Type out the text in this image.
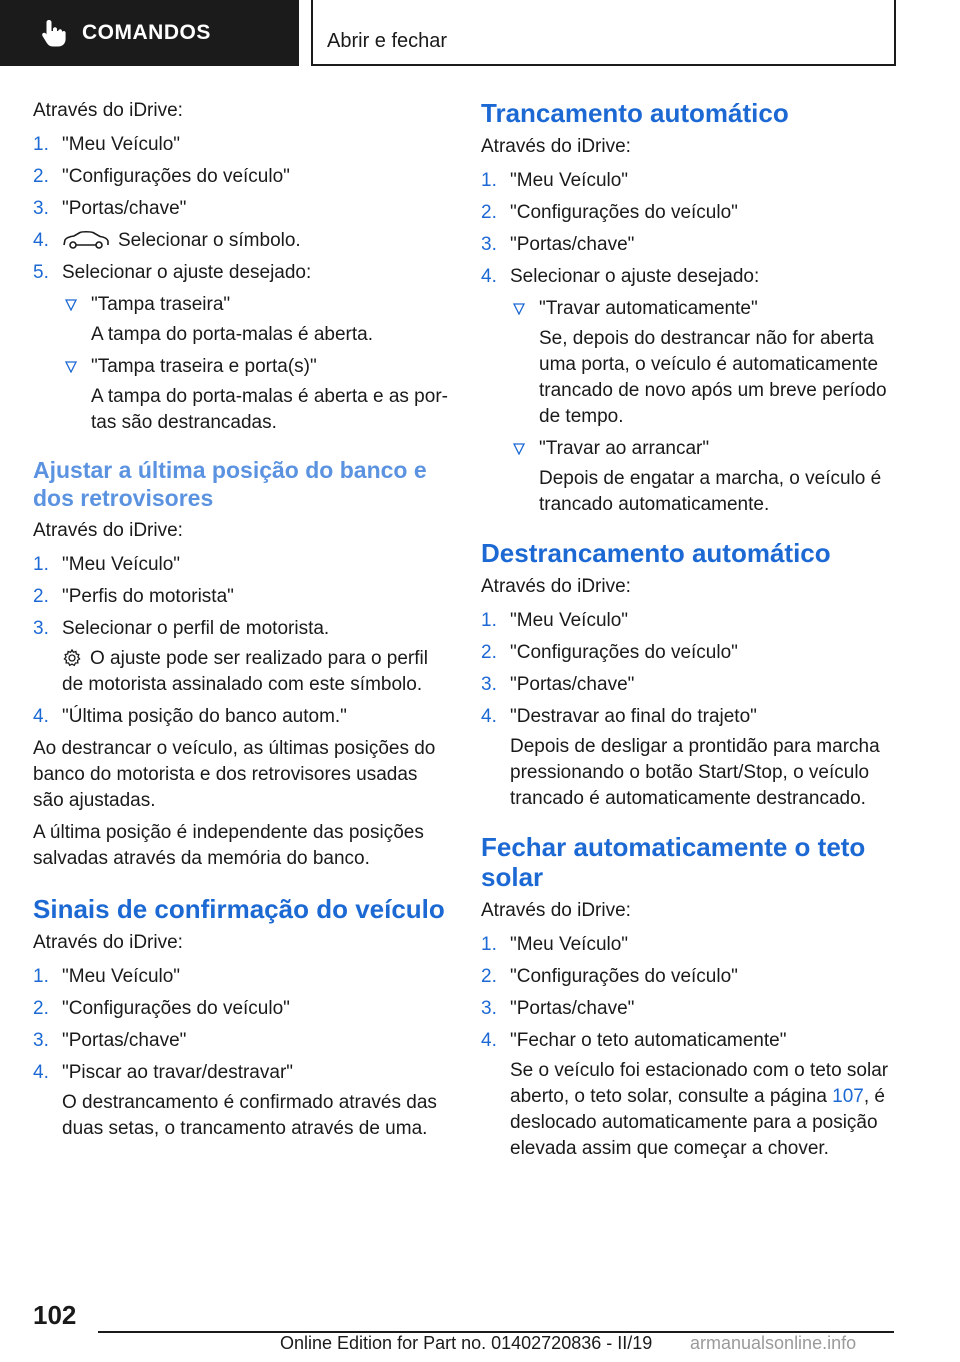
COMANDOS	Abrir e fechar
Através do iDrive:
1. "Meu Veículo"
2. "Configurações do veículo"
3. "Portas/chave"
4.	Selecionar o símbolo.
5. Selecionar o ajuste desejado:
"Tampa traseira"
A tampa do porta-malas é aberta.
"Tampa traseira e porta(s)"
A tampa do porta-malas é aberta e as por-tas são destrancadas.
Ajustar a última posição do banco e dos retrovisores
Através do iDrive:
1. "Meu Veículo"
2. "Perfis do motorista"
3. Selecionar o perfil de motorista.
O ajuste pode ser realizado para o perfil de motorista assinalado com este símbolo.
4. "Última posição do banco autom."
Ao destrancar o veículo, as últimas posições do banco do motorista e dos retrovisores usadas são ajustadas.
A última posição é independente das posições salvadas através da memória do banco.
Sinais de confirmação do veículo
Através do iDrive:
1. "Meu Veículo"
2. "Configurações do veículo"
3. "Portas/chave"
4. "Piscar ao travar/destravar"
O destrancamento é confirmado através das duas setas, o trancamento através de uma.
Trancamento automático
Através do iDrive:
1. "Meu Veículo"
2. "Configurações do veículo"
3. "Portas/chave"
4. Selecionar o ajuste desejado:
"Travar automaticamente"
Se, depois do destrancar não for aberta uma porta, o veículo é automaticamente trancado de novo após um breve período de tempo.
"Travar ao arrancar"
Depois de engatar a marcha, o veículo é trancado automaticamente.
Destrancamento automático
Através do iDrive:
1. "Meu Veículo"
2. "Configurações do veículo"
3. "Portas/chave"
4. "Destravar ao final do trajeto"
Depois de desligar a prontidão para marcha pressionando o botão Start/Stop, o veículo trancado é automaticamente destrancado.
Fechar automaticamente o teto solar
Através do iDrive:
1. "Meu Veículo"
2. "Configurações do veículo"
3. "Portas/chave"
4. "Fechar o teto automaticamente"
Se o veículo foi estacionado com o teto solar aberto, o teto solar, consulte a página 107, é deslocado automaticamente para a posição elevada assim que começar a chover.
102
Online Edition for Part no. 01402720836 - II/19 armanualsonline.info
